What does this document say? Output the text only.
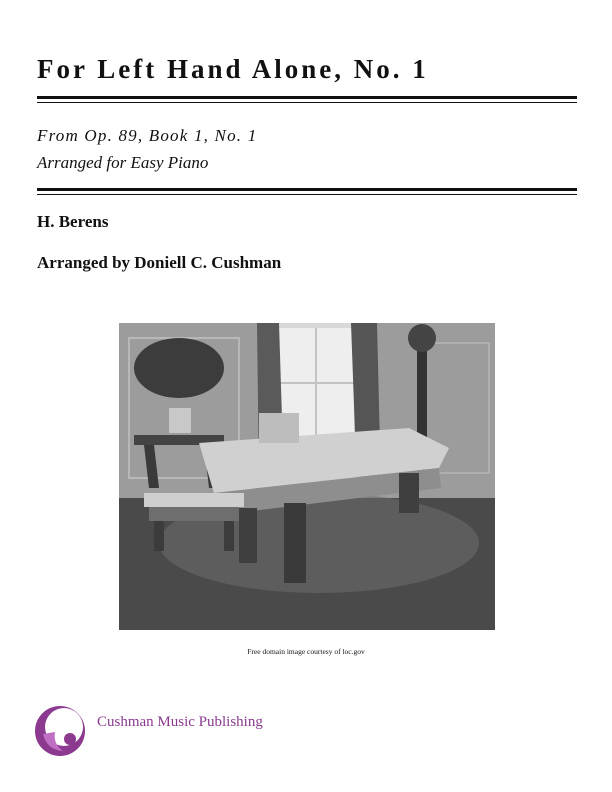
For Left Hand Alone, No. 1
From Op. 89, Book 1, No. 1
Arranged for Easy Piano
H. Berens
Arranged by Doniell C. Cushman
Free domain image courtesy of loc.gov
Cushman Music Publishing
